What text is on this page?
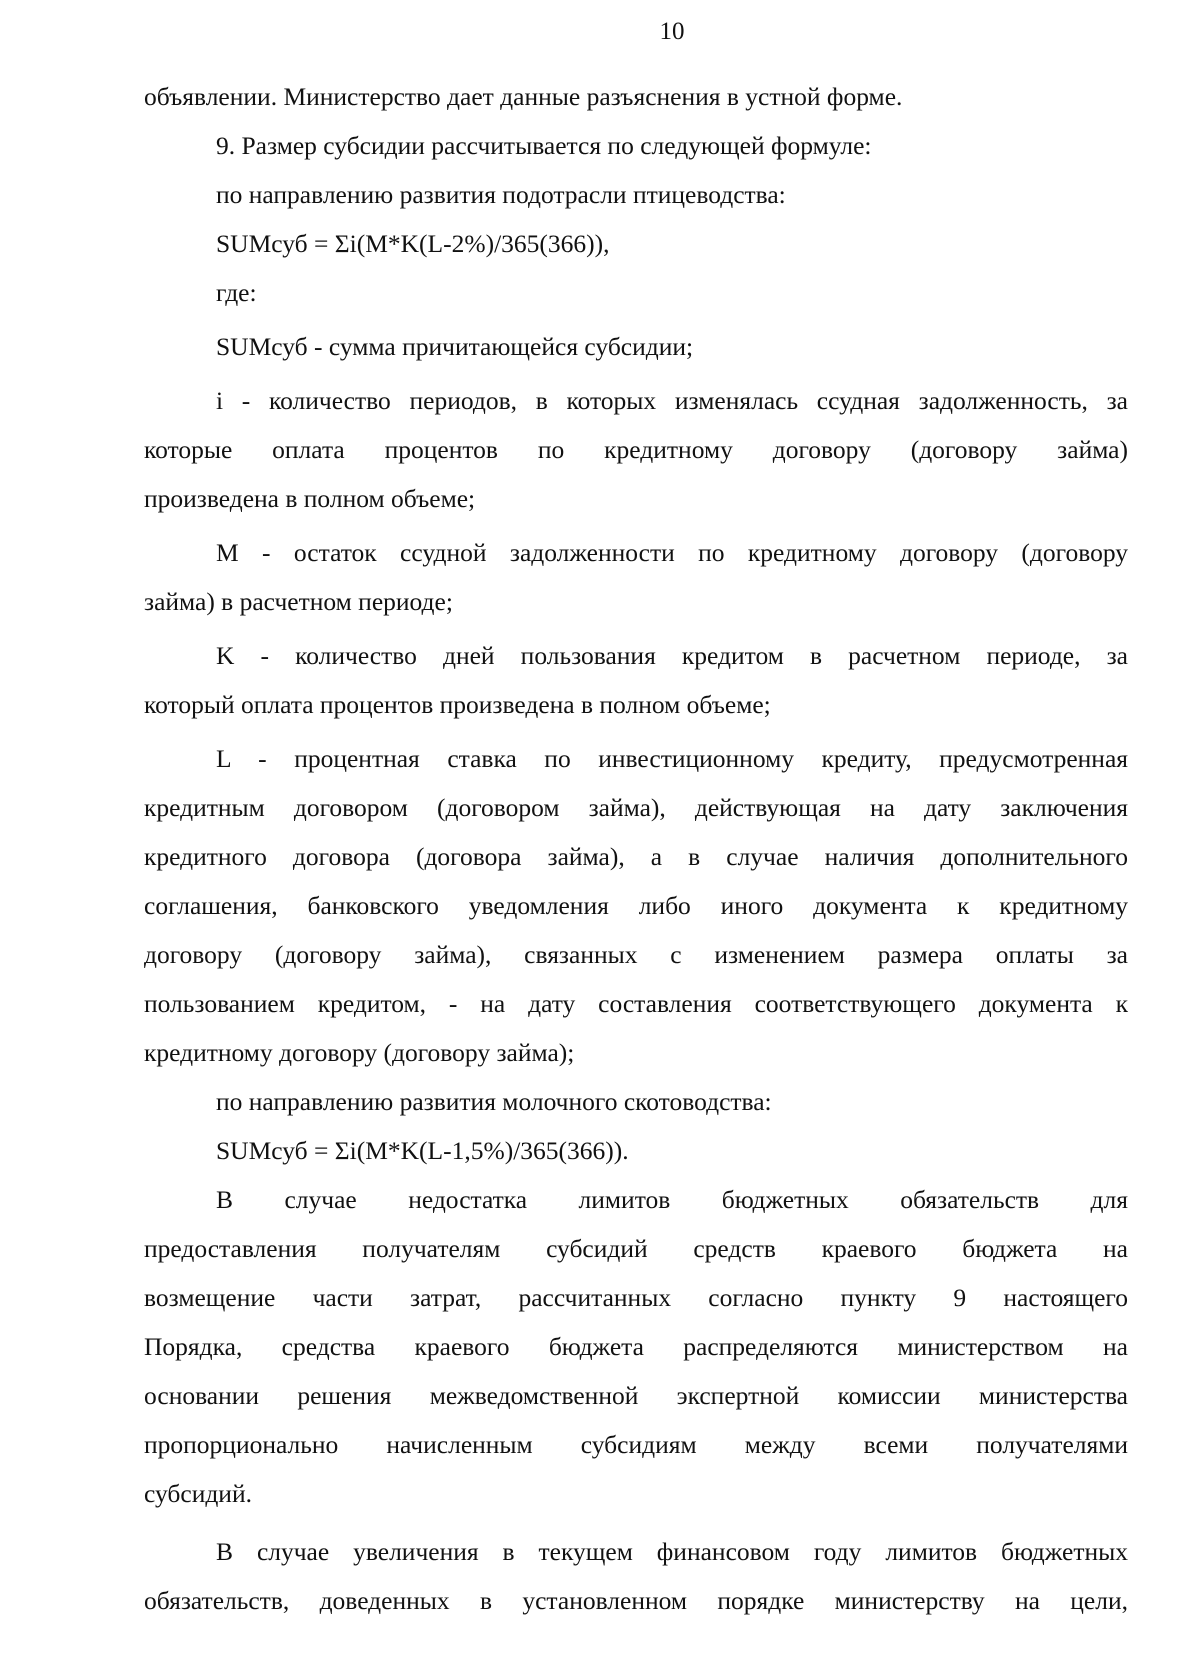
10
объявлении. Министерство дает данные разъяснения в устной форме.
9. Размер субсидии рассчитывается по следующей формуле:
по направлению развития подотрасли птицеводства:
SUMсуб = Σi(M*K(L-2%)/365(366)),
где:
SUMсуб - сумма причитающейся субсидии;
i - количество периодов, в которых изменялась ссудная задолженность, за
которые оплата процентов по кредитному договору (договору займа)
произведена в полном объеме;
M - остаток ссудной задолженности по кредитному договору (договору
займа) в расчетном периоде;
K - количество дней пользования кредитом в расчетном периоде, за
который оплата процентов произведена в полном объеме;
L - процентная ставка по инвестиционному кредиту, предусмотренная
кредитным договором (договором займа), действующая на дату заключения
кредитного договора (договора займа), а в случае наличия дополнительного
соглашения, банковского уведомления либо иного документа к кредитному
договору (договору займа), связанных с изменением размера оплаты за
пользованием кредитом, - на дату составления соответствующего документа к
кредитному договору (договору займа);
по направлению развития молочного скотоводства:
SUMсуб = Σi(M*K(L-1,5%)/365(366)).
В случае недостатка лимитов бюджетных обязательств для
предоставления получателям субсидий средств краевого бюджета на
возмещение части затрат, рассчитанных согласно пункту 9 настоящего
Порядка, средства краевого бюджета распределяются министерством на
основании решения межведомственной экспертной комиссии министерства
пропорционально начисленным субсидиям между всеми получателями
субсидий.
В случае увеличения в текущем финансовом году лимитов бюджетных
обязательств, доведенных в установленном порядке министерству на цели,
